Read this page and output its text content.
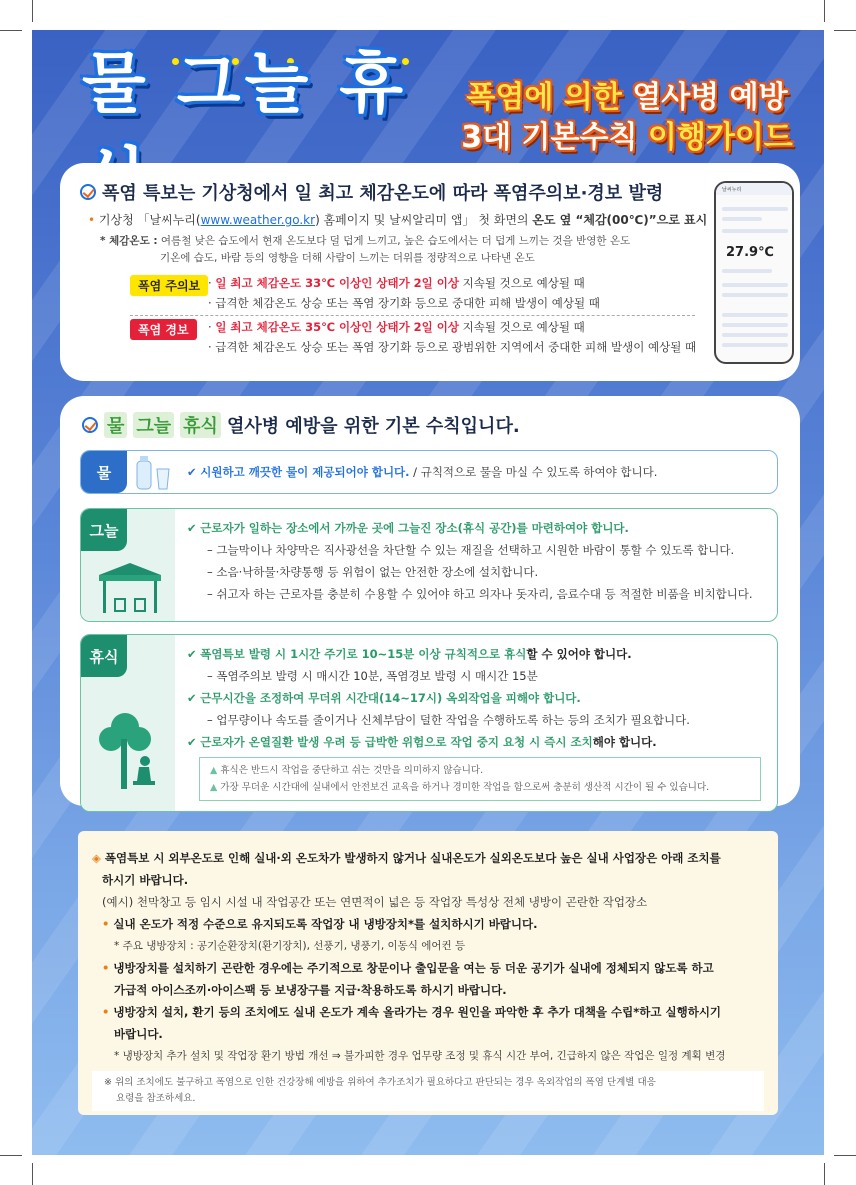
물 그늘 휴	폭염에 의한 열사병 예방
3대 기본수칙 이행가이드
폭염 특보는 기상청에서 일 최고 체감온도에 따라 폭염주의보·경보 발령
• 기상청 「날씨누리(www.weather.go.kr) 홈페이지 및 날씨알리미 앱」 첫 화면의 온도 옆 “체감(00℃)”으로 표시
* 체감온도 : 여름철 낮은 습도에서 현재 온도보다 덜 덥게 느끼고, 높은 습도에서는 더 덥게 느끼는 것을 반영한 온도
기온에 습도, 바람 등의 영향을 더해 사람이 느끼는 더위를 정량적으로 나타낸 온도
폭염 주의보 · 일 최고 체감온도 33℃ 이상인 상태가 2일 이상 지속될 것으로 예상될 때
· 급격한 체감온도 상승 또는 폭염 장기화 등으로 중대한 피해 발생이 예상될 때
폭염 경보	· 일 최고 체감온도 35℃ 이상인 상태가 2일 이상 지속될 것으로 예상될 때
· 급격한 체감온도 상승 또는 폭염 장기화 등으로 광범위한 지역에서 중대한 피해 발생이 예상될 때
날씨누리
27.9℃
물 그늘 휴식 열사병 예방을 위한 기본 수칙입니다.
물	✔ 시원하고 깨끗한 물이 제공되어야 합니다. / 규칙적으로 물을 마실 수 있도록 하여야 합니다.
그늘	✔ 근로자가 일하는 장소에서 가까운 곳에 그늘진 장소(휴식 공간)를 마련하여야 합니다.
– 그늘막이나 차양막은 직사광선을 차단할 수 있는 재질을 선택하고 시원한 바람이 통할 수 있도록 합니다.
– 소음·낙하물·차량통행 등 위험이 없는 안전한 장소에 설치합니다.
– 쉬고자 하는 근로자를 충분히 수용할 수 있어야 하고 의자나 돗자리, 음료수대 등 적절한 비품을 비치합니다.
휴식	✔ 폭염특보 발령 시 1시간 주기로 10~15분 이상 규칙적으로 휴식할 수 있어야 합니다.
– 폭염주의보 발령 시 매시간 10분, 폭염경보 발령 시 매시간 15분
✔ 근무시간을 조정하여 무더위 시간대(14~17시) 옥외작업을 피해야 합니다.
– 업무량이나 속도를 줄이거나 신체부담이 덜한 작업을 수행하도록 하는 등의 조치가 필요합니다.
✔ 근로자가 온열질환 발생 우려 등 급박한 위험으로 작업 중지 요청 시 즉시 조치해야 합니다.
▲ 휴식은 반드시 작업을 중단하고 쉬는 것만을 의미하지 않습니다.
▲ 가장 무더운 시간대에 실내에서 안전보건 교육을 하거나 경미한 작업을 함으로써 충분히 생산적 시간이 될 수 있습니다.
◈ 폭염특보 시 외부온도로 인해 실내·외 온도차가 발생하지 않거나 실내온도가 실외온도보다 높은 실내 사업장은 아래 조치를
하시기 바랍니다.
(예시) 천막창고 등 임시 시설 내 작업공간 또는 연면적이 넓은 등 작업장 특성상 전체 냉방이 곤란한 작업장소
• 실내 온도가 적정 수준으로 유지되도록 작업장 내 냉방장치*를 설치하시기 바랍니다.
* 주요 냉방장치 : 공기순환장치(환기장치), 선풍기, 냉풍기, 이동식 에어컨 등
• 냉방장치를 설치하기 곤란한 경우에는 주기적으로 창문이나 출입문을 여는 등 더운 공기가 실내에 정체되지 않도록 하고
가급적 아이스조끼·아이스팩 등 보냉장구를 지급·착용하도록 하시기 바랍니다.
• 냉방장치 설치, 환기 등의 조치에도 실내 온도가 계속 올라가는 경우 원인을 파악한 후 추가 대책을 수립*하고 실행하시기
바랍니다.
* 냉방장치 추가 설치 및 작업장 환기 방법 개선 ⇒ 불가피한 경우 업무량 조정 및 휴식 시간 부여, 긴급하지 않은 작업은 일정 계획 변경
※ 위의 조치에도 불구하고 폭염으로 인한 건강장해 예방을 위하여 추가조치가 필요하다고 판단되는 경우 옥외작업의 폭염 단계별 대응
요령을 참조하세요.
